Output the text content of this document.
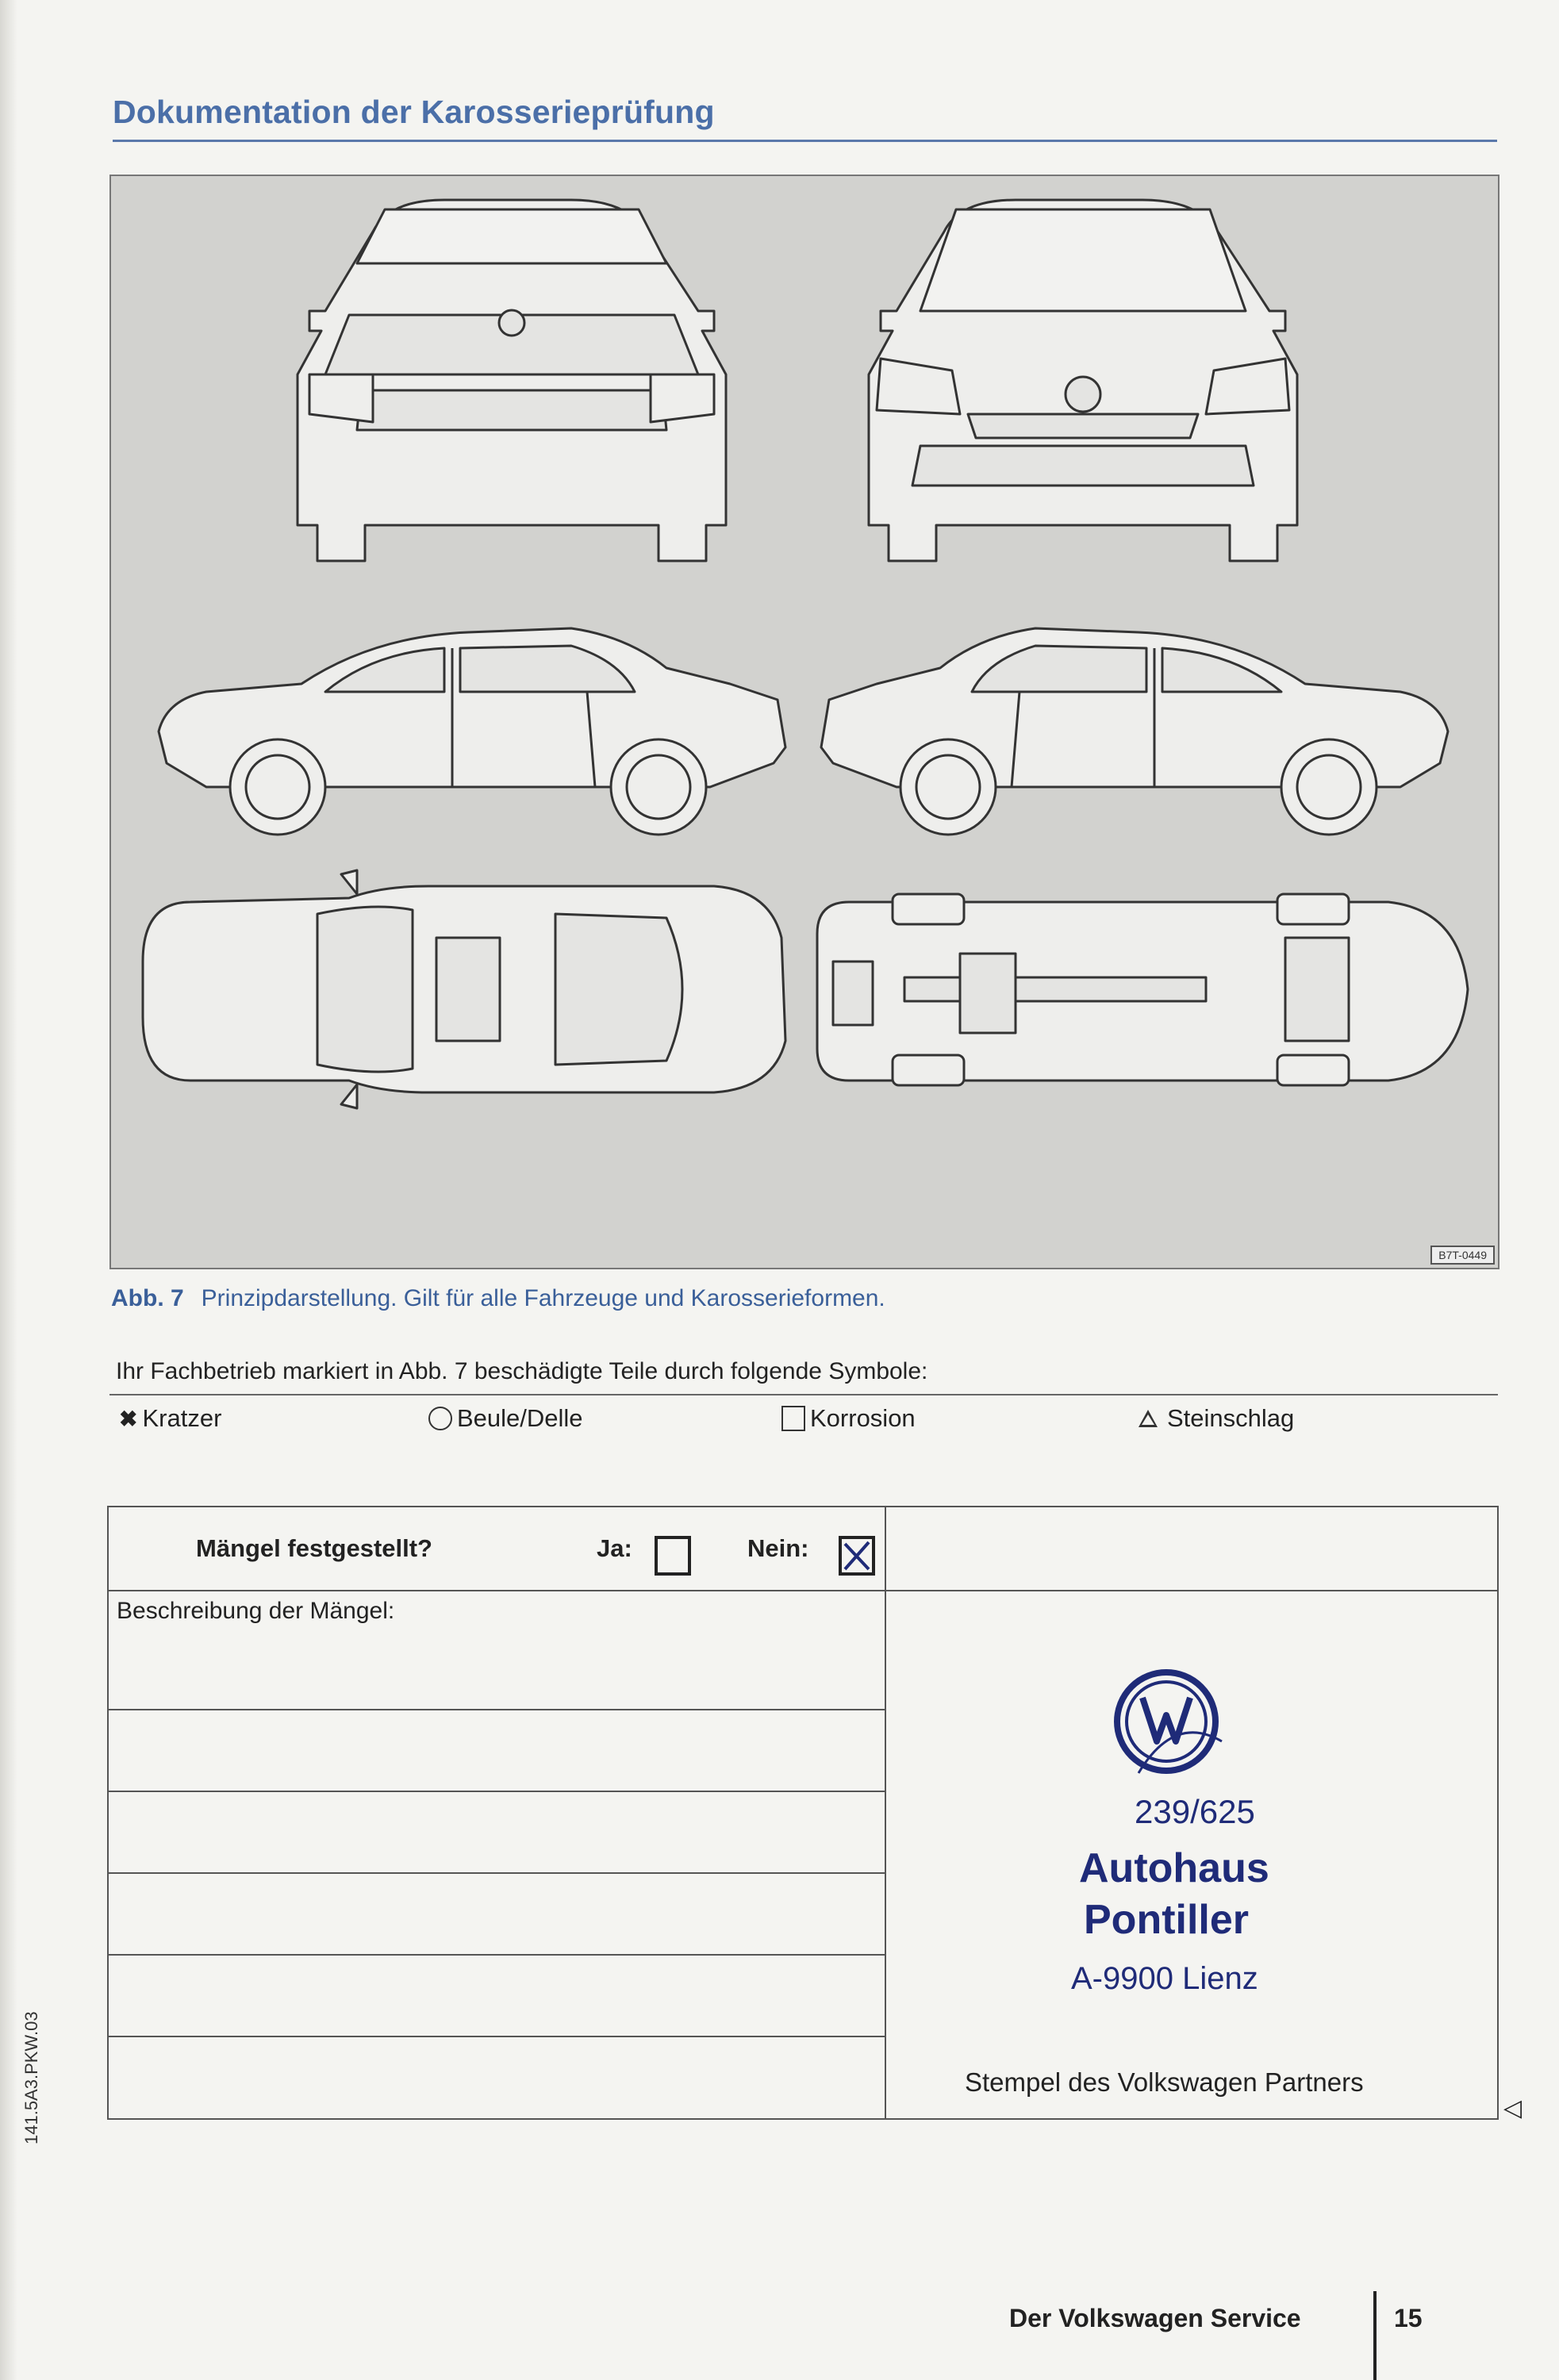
Dokumentation der Karosserieprüfung
B7T-0449
Abb. 7 Prinzipdarstellung. Gilt für alle Fahrzeuge und Karosserieformen.
Ihr Fachbetrieb markiert in Abb. 7 beschädigte Teile durch folgende Symbole:
✖ Kratzer	Beule/Delle	Korrosion	Steinschlag
Mängel festgestellt?	Ja:	Nein:
Beschreibung der Mängel:
239/625
Autohaus
Pontiller
A-9900 Lienz
Stempel des Volkswagen Partners
◁
141.5A3.PKW.03
Der Volkswagen Service	15
